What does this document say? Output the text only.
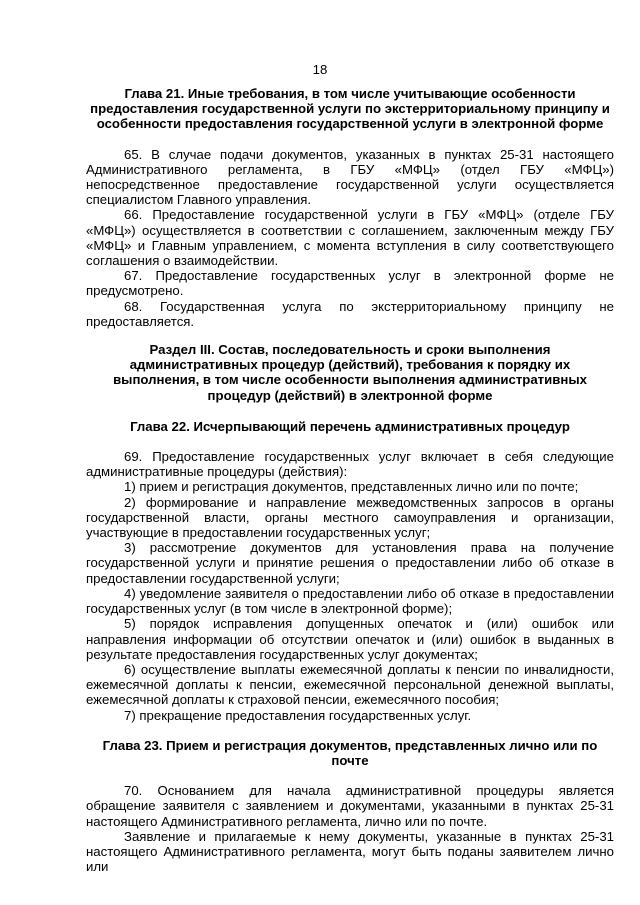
18

Глава 21. Иные требования, в том числе учитывающие особенности предоставления государственной услуги по экстерриториальному принципу и особенности предоставления государственной услуги в электронной форме

65. В случае подачи документов, указанных в пунктах 25-31 настоящего Административного регламента, в ГБУ «МФЦ» (отдел ГБУ «МФЦ») непосредственное предоставление государственной услуги осуществляется специалистом Главного управления.

66. Предоставление государственной услуги в ГБУ «МФЦ» (отделе ГБУ «МФЦ») осуществляется в соответствии с соглашением, заключенным между ГБУ «МФЦ» и Главным управлением, с момента вступления в силу соответствующего соглашения о взаимодействии.

67. Предоставление государственных услуг в электронной форме не предусмотрено.

68. Государственная услуга по экстерриториальному принципу не предоставляется.

Раздел III. Состав, последовательность и сроки выполнения административных процедур (действий), требования к порядку их выполнения, в том числе особенности выполнения административных процедур (действий) в электронной форме

Глава 22. Исчерпывающий перечень административных процедур

69. Предоставление государственных услуг включает в себя следующие административные процедуры (действия):

1) прием и регистрация документов, представленных лично или по почте;

2) формирование и направление межведомственных запросов в органы государственной власти, органы местного самоуправления и организации, участвующие в предоставлении государственных услуг;

3) рассмотрение документов для установления права на получение государственной услуги и принятие решения о предоставлении либо об отказе в предоставлении государственной услуги;

4) уведомление заявителя о предоставлении либо об отказе в предоставлении государственных услуг (в том числе в электронной форме);

5) порядок исправления допущенных опечаток и (или) ошибок или направления информации об отсутствии опечаток и (или) ошибок в выданных в результате предоставления государственных услуг документах;

6) осуществление выплаты ежемесячной доплаты к пенсии по инвалидности, ежемесячной доплаты к пенсии, ежемесячной персональной денежной выплаты, ежемесячной доплаты к страховой пенсии, ежемесячного пособия;

7) прекращение предоставления государственных услуг.

Глава 23. Прием и регистрация документов, представленных лично или по почте

70. Основанием для начала административной процедуры является обращение заявителя с заявлением и документами, указанными в пунктах 25-31 настоящего Административного регламента, лично или по почте.

Заявление и прилагаемые к нему документы, указанные в пунктах 25-31 настоящего Административного регламента, могут быть поданы заявителем лично или
